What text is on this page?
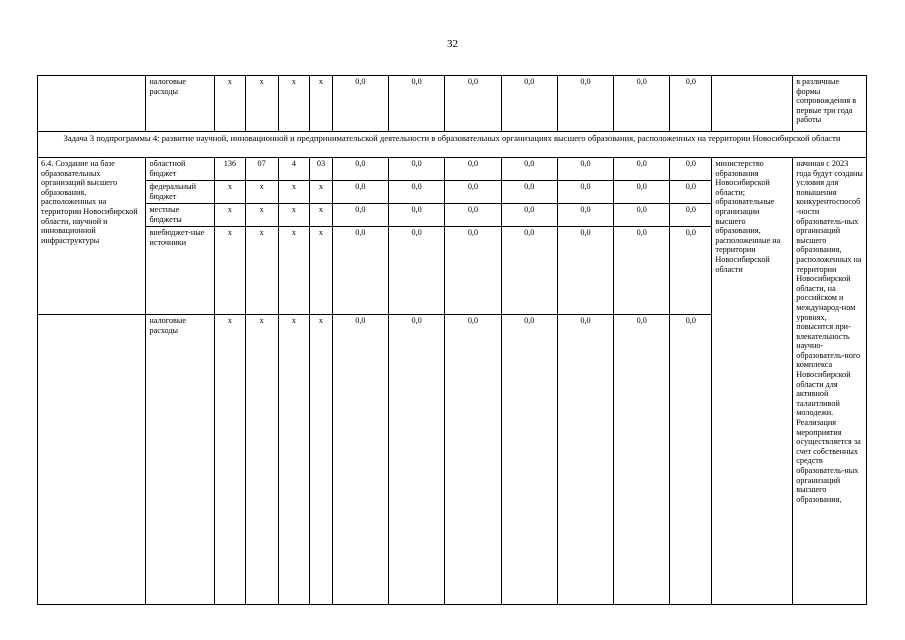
32
	налоговые расходы	х	х	х	х	0,0	0,0	0,0	0,0	0,0	0,0	0,0		в различные формы сопровождения в первые три года работы
Задача 3 подпрограммы 4: развитие научной, инновационной и предпринимательской деятельности в образовательных организациях высшего образования, расположенных на территории Новосибирской области														
6.4. Создание на базе образовательных организаций высшего образования, расположенных на территории Новосибирской области, научной и инновационной инфраструктуры	областной бюджет	136	07	4	03	0,0	0,0	0,0	0,0	0,0	0,0	0,0	министерство образования Новосибирской области; образовательные организации высшего образования, расположенные на территории Новосибирской области	начиная с 2023 года будут созданы условия для повышения конкурентоспособ-ности образователь-ных организаций высшего образования, расположенных на территории Новосибирской области, на российском и международ-ном уровнях, повысится при-влекательность научно-образователь-ного комплекса Новосибирской области для активной талантливой молодежи. Реализация мероприятия осуществляется за счет собственных средств образователь-ных организаций высшего образования,
	федеральный бюджет	х	х	х	х	0,0	0,0	0,0	0,0	0,0	0,0	0,0		
	местные бюджеты	х	х	х	х	0,0	0,0	0,0	0,0	0,0	0,0	0,0		
	внебюджет-ные источники	х	х	х	х	0,0	0,0	0,0	0,0	0,0	0,0	0,0		
	налоговые расходы	х	х	х	х	0,0	0,0	0,0	0,0	0,0	0,0	0,0		
